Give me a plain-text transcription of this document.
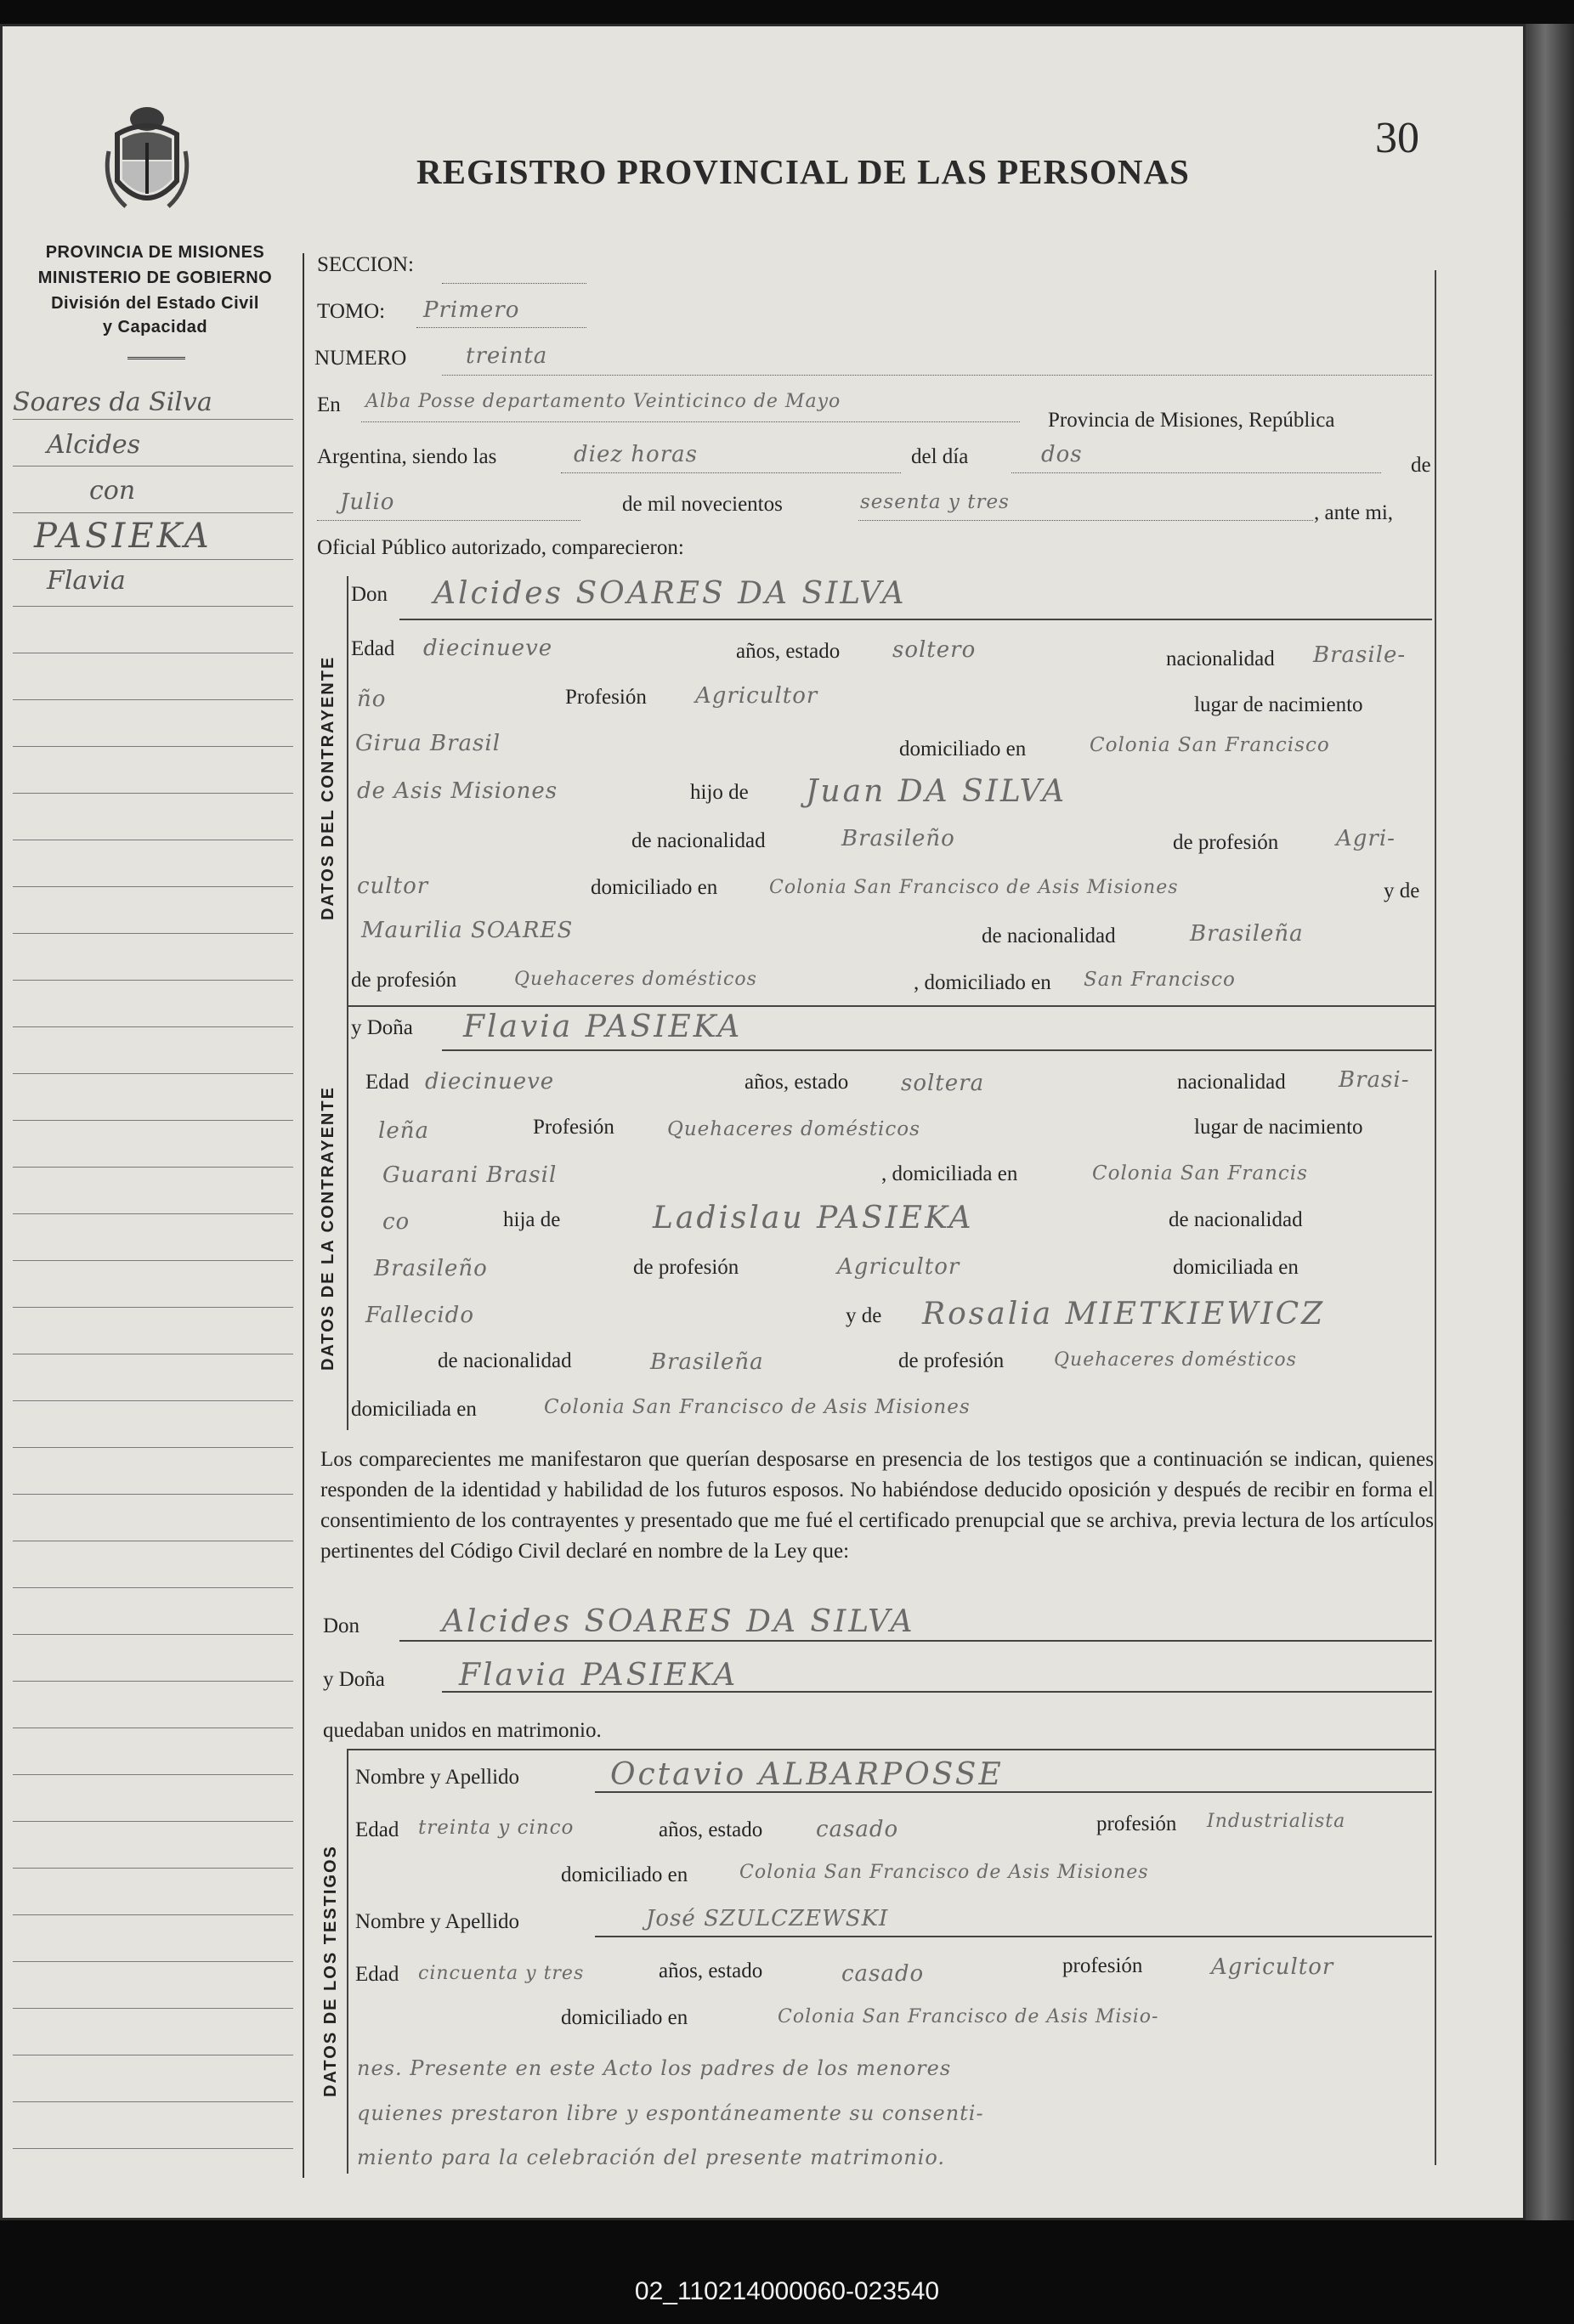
REGISTRO PROVINCIAL DE LAS PERSONAS
30
PROVINCIA DE MISIONES
MINISTERIO DE GOBIERNO
División del Estado Civil
y Capacidad
Soares da Silva
Alcides
con
PASIEKA
Flavia
SECCION:
TOMO: Primero
NUMERO	treinta
En Alba Posse departamento Veinticinco de Mayo
Provincia de Misiones, República
Argentina, siendo las	diez horas	del día	dos	de
Julio	de mil novecientos	sesenta y tres	, ante mi,
Oficial Público autorizado, comparecieron:
DATOS DEL CONTRAYENTE
Don Alcides SOARES DA SILVA
Edad diecinueve	años, estado soltero	nacionalidad Brasile-
ño	Profesión Agricultor	lugar de nacimiento
Girua Brasil	domiciliado en	Colonia San Francisco
de Asis Misiones	hijo de Juan DA SILVA
de nacionalidad	Brasileño	de profesión	Agri-
cultor	domiciliado en	Colonia San Francisco de Asis Misiones	y de
Maurilia SOARES	de nacionalidad	Brasileña
de profesión	Quehaceres domésticos	, domiciliado en San Francisco
DATOS DE LA CONTRAYENTE
y Doña Flavia PASIEKA
Edad diecinueve	años, estado soltera	nacionalidad Brasi-
leña	Profesión	Quehaceres domésticos	lugar de nacimiento
Guarani Brasil	, domiciliada en	Colonia San Francis
co	hija de	Ladislau PASIEKA	de nacionalidad
Brasileño	de profesión	Agricultor	domiciliada en
Fallecido	y de Rosalia MIETKIEWICZ
de nacionalidad	Brasileña	de profesión	Quehaceres domésticos
domiciliada en	Colonia San Francisco de Asis Misiones
Los comparecientes me manifestaron que querían desposarse en presencia de los testigos que a continuación se indican, quienes responden de la identidad y habilidad de los futuros esposos. No habiéndose deducido oposición y después de recibir en forma el consentimiento de los contrayentes y presentado que me fué el certificado prenupcial que se archiva, previa lectura de los artículos pertinentes del Código Civil declaré en nombre de la Ley que:
Don	Alcides SOARES DA SILVA
y Doña Flavia PASIEKA
quedaban unidos en matrimonio.
DATOS DE LOS TESTIGOS
Nombre y Apellido	Octavio ALBARPOSSE
Edad treinta y cinco	años, estado casado	profesión Industrialista
domiciliado en	Colonia San Francisco de Asis Misiones
Nombre y Apellido	José SZULCZEWSKI
Edad cincuenta y tres	años, estado	casado	profesión	Agricultor
domiciliado en	Colonia San Francisco de Asis Misio-
nes. Presente en este Acto los padres de los menores
quienes prestaron libre y espontáneamente su consenti-
miento para la celebración del presente matrimonio.
02_110214000060-023540
